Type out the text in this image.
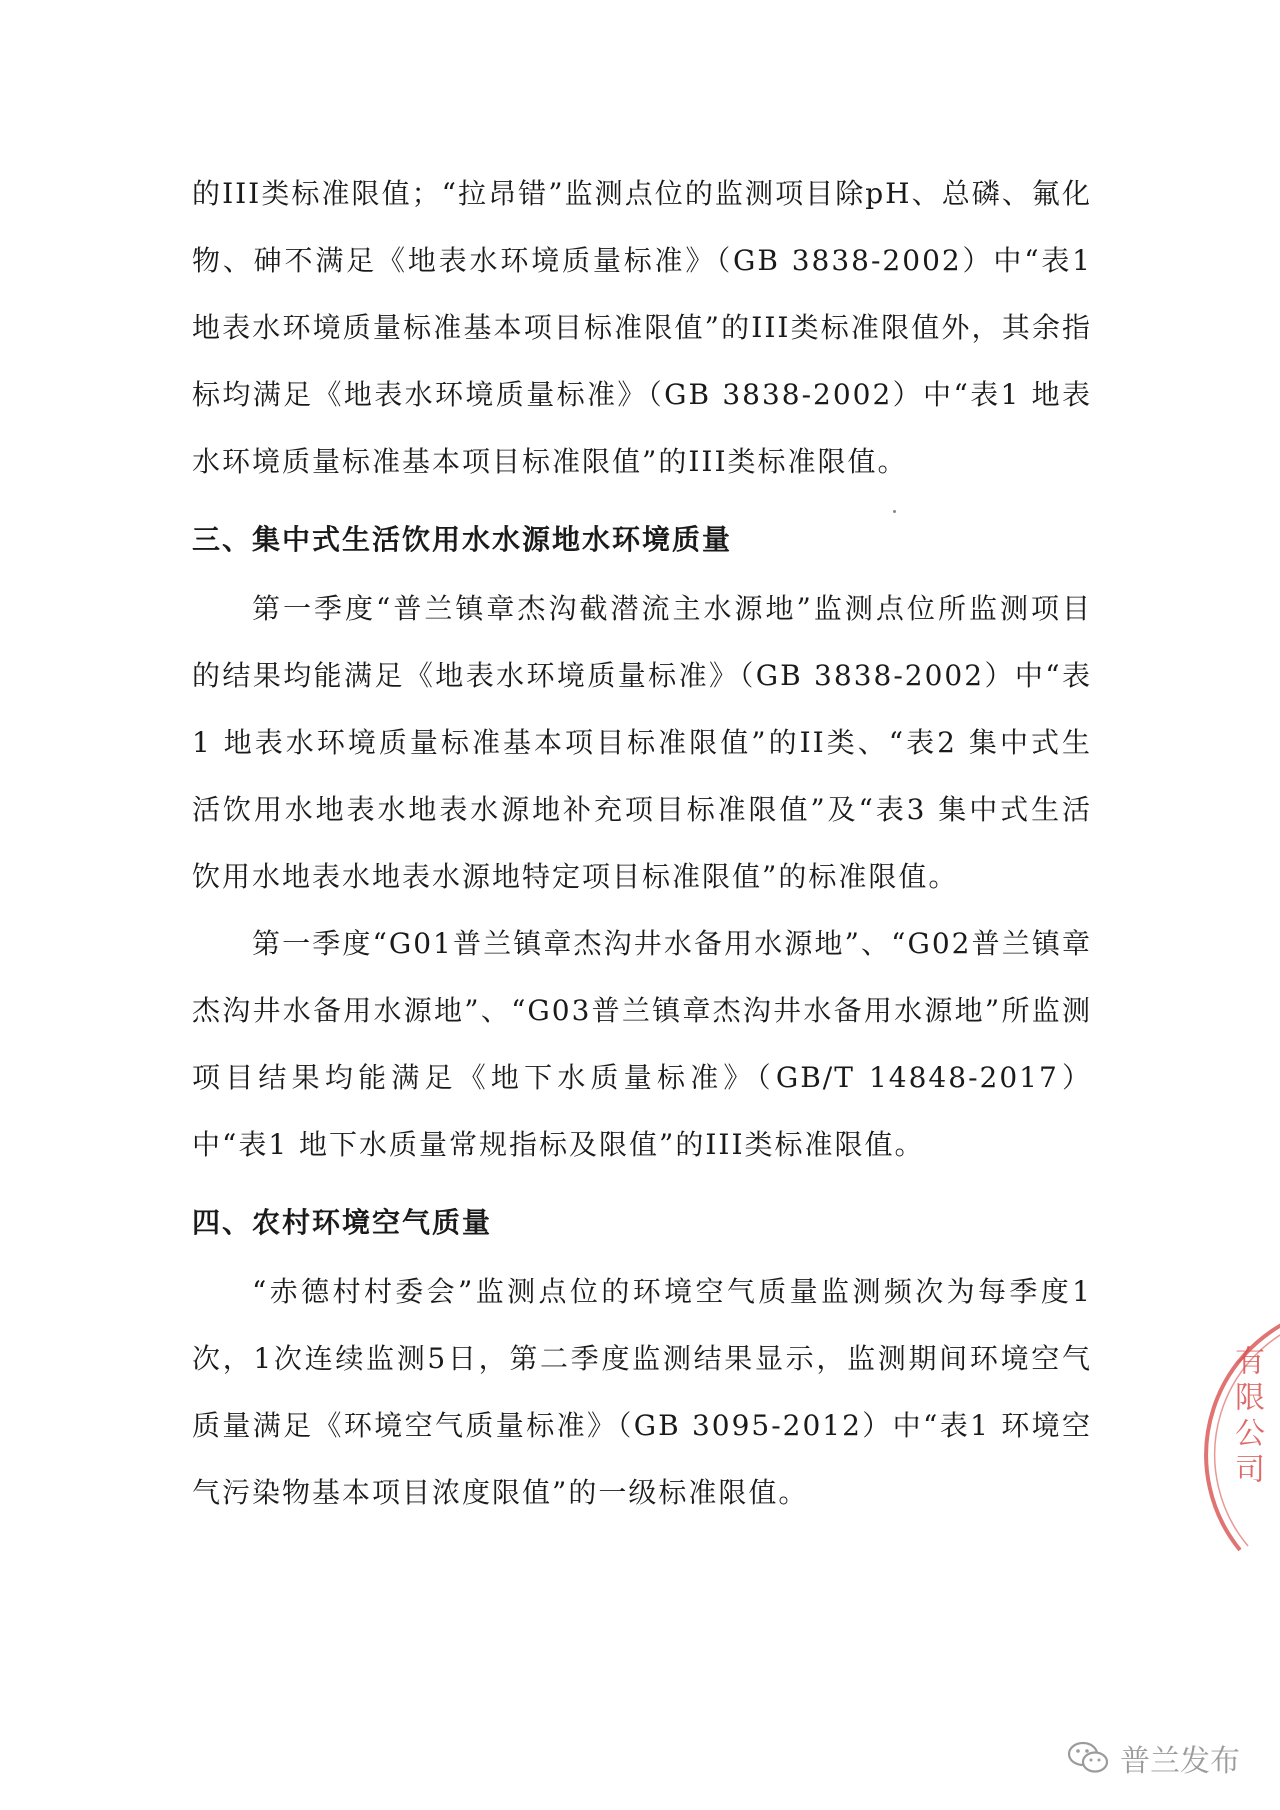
的III类标准限值；“拉昂错”监测点位的监测项目除pH、总磷、氟化物、砷不满足《地表水环境质量标准》（GB 3838-2002）中“表1 地表水环境质量标准基本项目标准限值”的III类标准限值外，其余指标均满足《地表水环境质量标准》（GB 3838-2002）中“表1 地表水环境质量标准基本项目标准限值”的III类标准限值。

三、集中式生活饮用水水源地水环境质量

第一季度“普兰镇章杰沟截潜流主水源地”监测点位所监测项目的结果均能满足《地表水环境质量标准》（GB 3838-2002）中“表1 地表水环境质量标准基本项目标准限值”的II类、“表2 集中式生活饮用水地表水地表水源地补充项目标准限值”及“表3 集中式生活饮用水地表水地表水源地特定项目标准限值”的标准限值。

第一季度“G01普兰镇章杰沟井水备用水源地”、“G02普兰镇章杰沟井水备用水源地”、“G03普兰镇章杰沟井水备用水源地”所监测项目结果均能满足《地下水质量标准》（GB/T 14848-2017）中“表1 地下水质量常规指标及限值”的III类标准限值。

四、农村环境空气质量

“赤德村村委会”监测点位的环境空气质量监测频次为每季度1次，1次连续监测5日，第二季度监测结果显示，监测期间环境空气质量满足《环境空气质量标准》（GB 3095-2012）中“表1 环境空气污染物基本项目浓度限值”的一级标准限值。

有限公司
普兰发布
